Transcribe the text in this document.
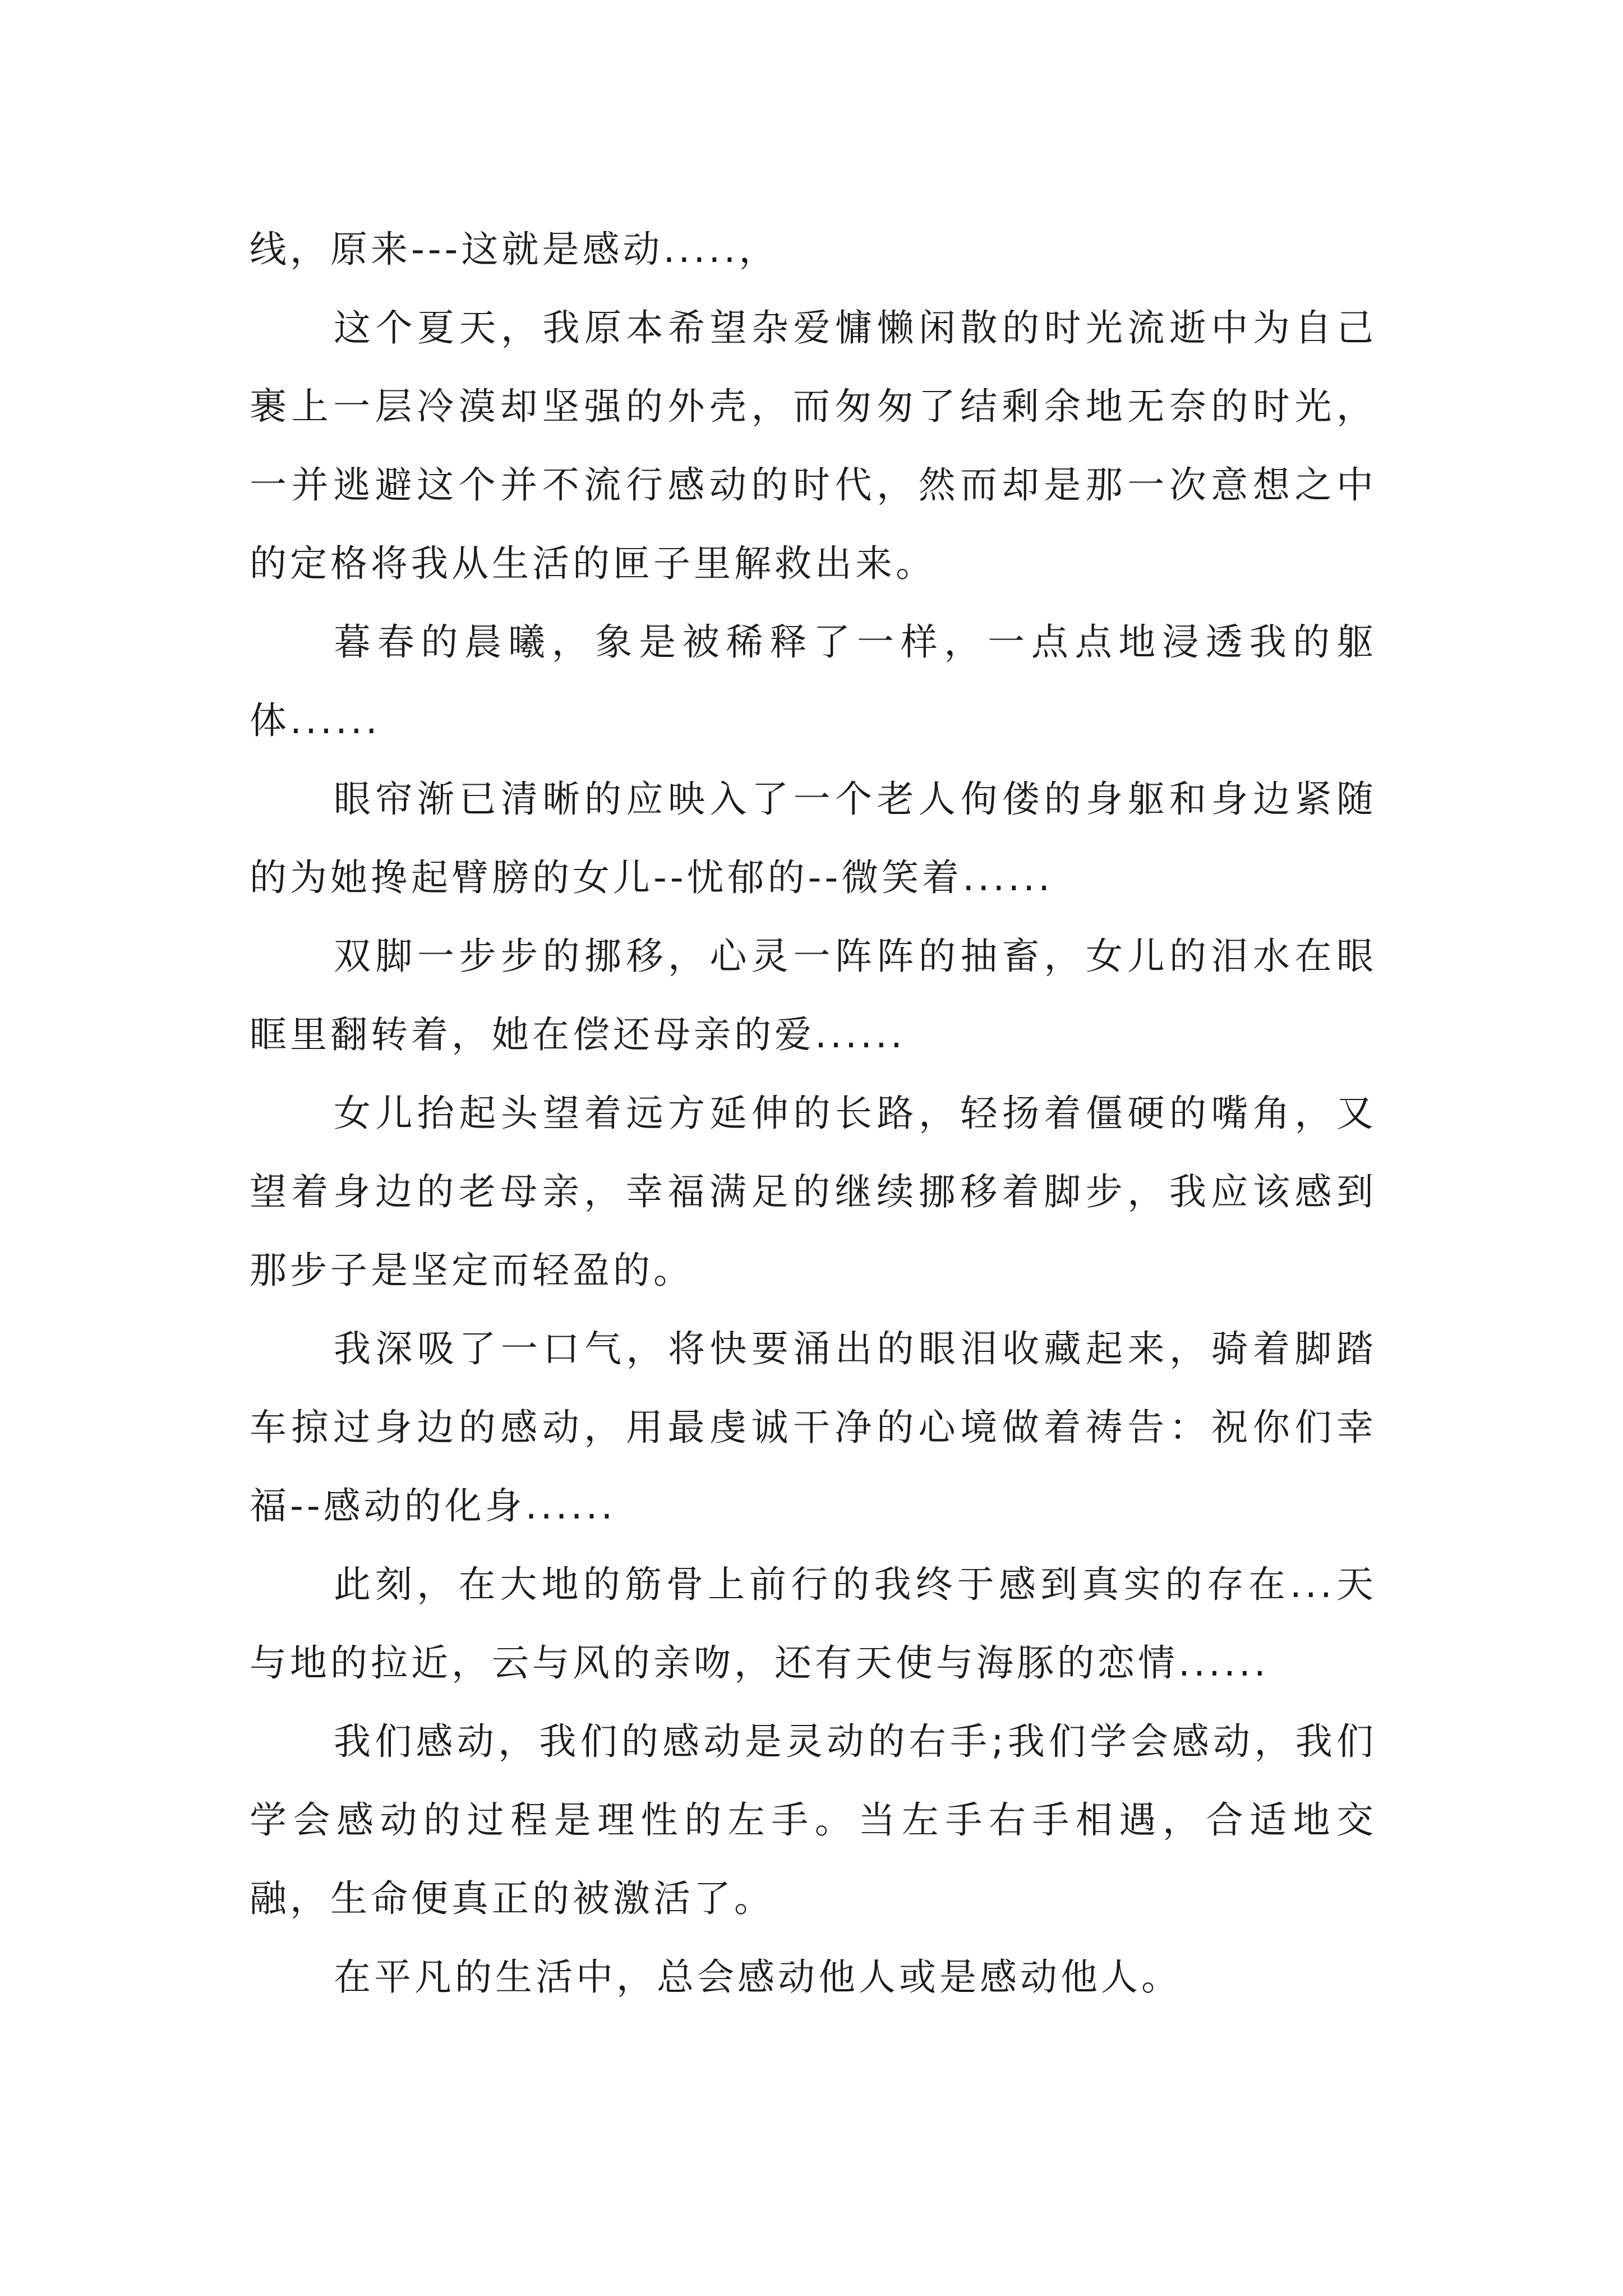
线，原来---这就是感动.....，

这个夏天，我原本希望杂爱慵懒闲散的时光流逝中为自己裹上一层冷漠却坚强的外壳，而匆匆了结剩余地无奈的时光，一并逃避这个并不流行感动的时代，然而却是那一次意想之中的定格将我从生活的匣子里解救出来。

暮春的晨曦，象是被稀释了一样，一点点地浸透我的躯体......

眼帘渐已清晰的应映入了一个老人佝偻的身躯和身边紧随的为她搀起臂膀的女儿--忧郁的--微笑着......

双脚一步步的挪移，心灵一阵阵的抽畜，女儿的泪水在眼眶里翻转着，她在偿还母亲的爱......

女儿抬起头望着远方延伸的长路，轻扬着僵硬的嘴角，又望着身边的老母亲，幸福满足的继续挪移着脚步，我应该感到那步子是坚定而轻盈的。

我深吸了一口气，将快要涌出的眼泪收藏起来，骑着脚踏车掠过身边的感动，用最虔诚干净的心境做着祷告：祝你们幸福--感动的化身......

此刻，在大地的筋骨上前行的我终于感到真实的存在...天与地的拉近，云与风的亲吻，还有天使与海豚的恋情......

我们感动，我们的感动是灵动的右手;我们学会感动，我们学会感动的过程是理性的左手。当左手右手相遇，合适地交融，生命便真正的被激活了。

在平凡的生活中，总会感动他人或是感动他人。
